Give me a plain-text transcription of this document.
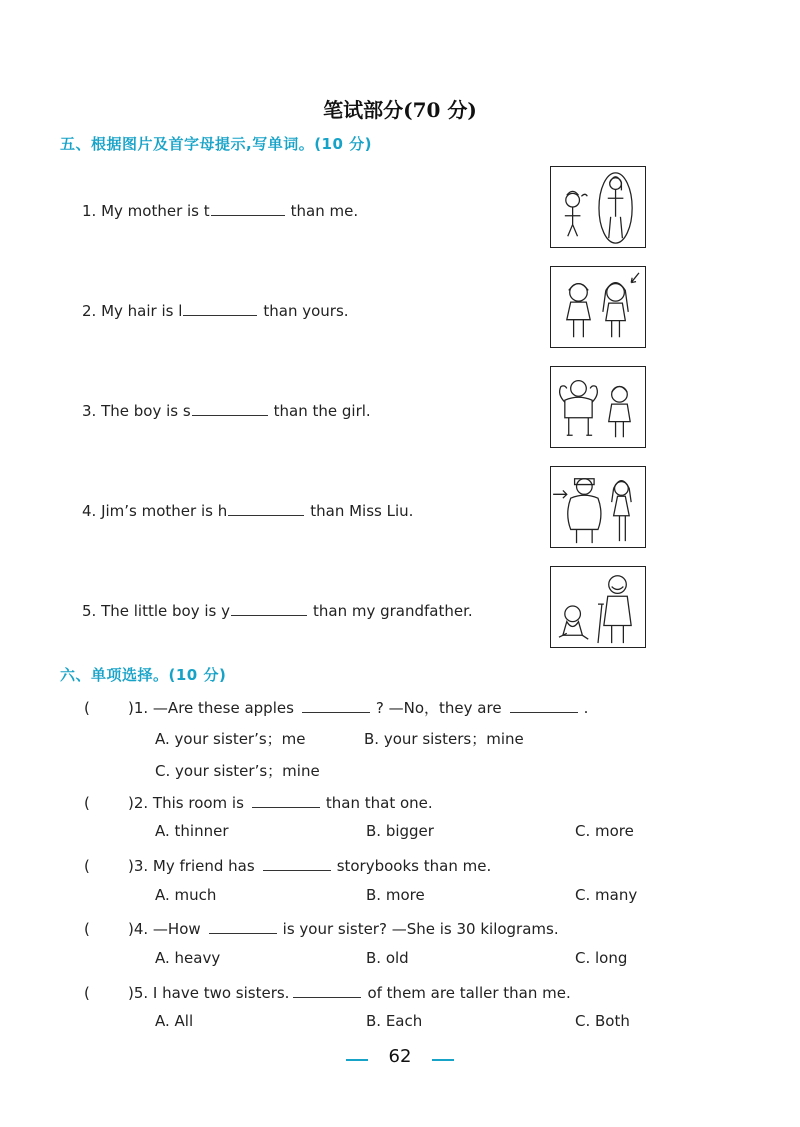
笔试部分(70 分)
五、根据图片及首字母提示,写单词。(10 分)
1. My mother is t	than me.
2. My hair is l	than yours.
3. The boy is s	than the girl.
4. Jim’s mother is h	than Miss Liu.
5. The little boy is y	than my grandfather.
六、单项选择。(10 分)
(	)1. —Are these apples	? —No，they are	.
A. your sister’s；me	B. your sisters；mine
C. your sister’s；mine
(	)2. This room is	than that one.
A. thinner	B. bigger	C. more
(	)3. My friend has	storybooks than me.
A. much	B. more	C. many
(	)4. —How	is your sister? —She is 30 kilograms.
A. heavy	B. old	C. long
(	)5. I have two sisters.	of them are taller than me.
A. All	B. Each	C. Both
62
